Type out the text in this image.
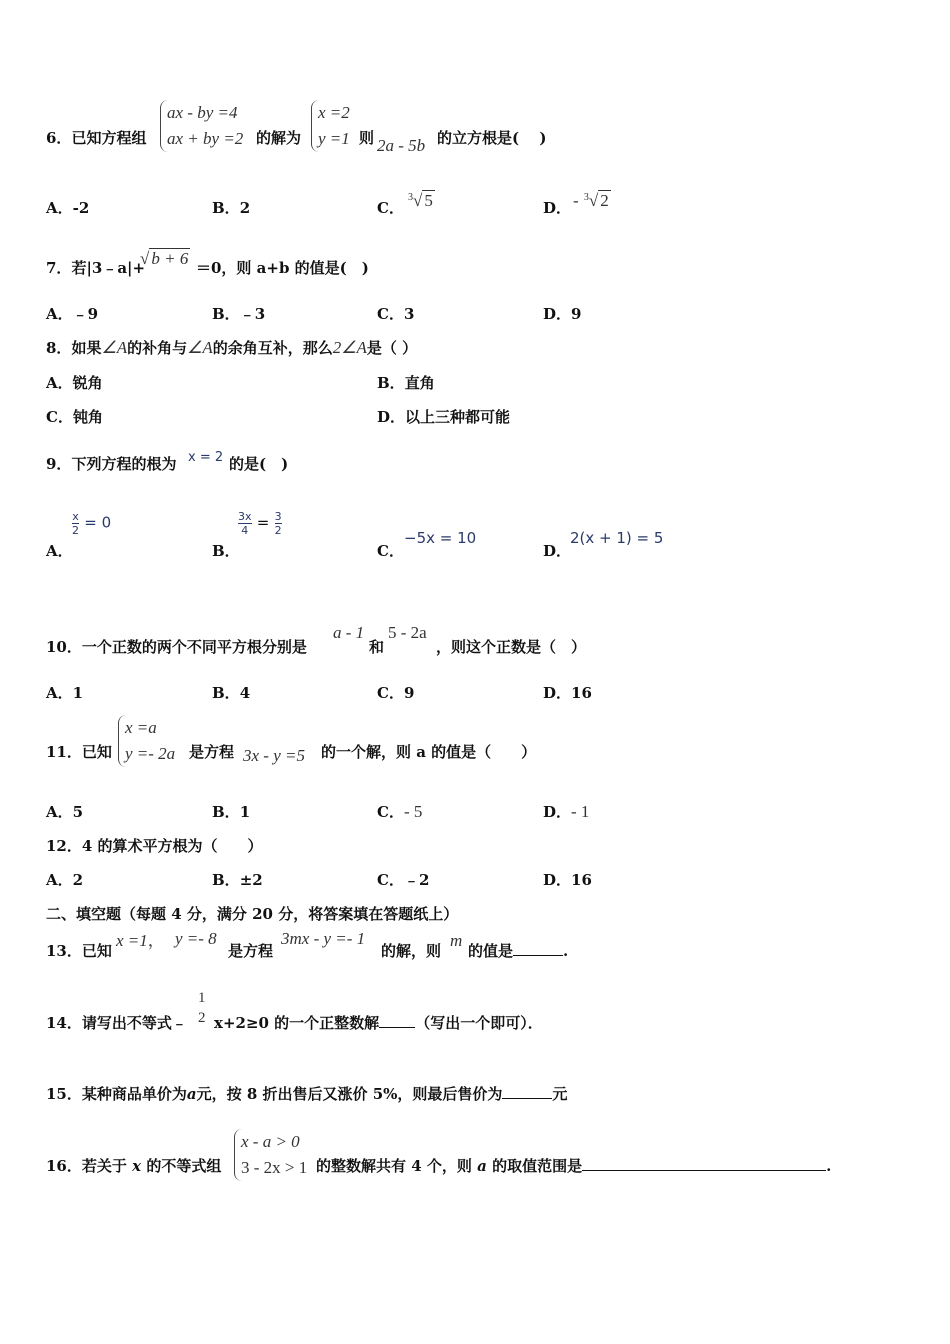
6．已知方程组
ax - by =4
ax + by =2 的解为
x =2
y =1 则 2a - 5b 的立方根是(　 )
A．-2	B．2	C．
$^3$√ 5	D． - $^3$√ 2
7．若|3﹣a|+
√ b + 6 ＝0，则 a+b 的值是(　)
A．﹣9	B．﹣3	C．3	D．9
8．如果∠A的补角与∠A的余角互补，那么2∠A是（ ）
A．锐角	B．直角
C．钝角	D．以上三种都可能
9．下列方程的根为 x = 2 的是(　)
A．
$\frac{x}{2} = 0$
B．
$\frac{3x}{4} = \frac{3}{2}$
C．
−5x = 10
D．
2(x + 1) = 5
10．一个正数的两个不同平方根分别是
a - 1
和
5 - 2a
，则这个正数是（　）
A．1	B．4	C．9	D．16
11．已知
x =a
y =- 2a 是方程 3x - y =5 的一个解，则 a 的值是（　　）
A．5	B．1	C．- 5	D．- 1
12．4 的算术平方根为（　　）
A．2	B．±2	C．﹣2	D．16
二、填空题（每题 4 分，满分 20 分，将答案填在答题纸上）
13．已知
x =1， y =- 8
是方程
3mx - y =- 1
的解，则
m
的值是	.
14．请写出不等式﹣
1
2 x+2≥0 的一个正整数解 （写出一个即可）．
15．某种商品单价为a元，按 8 折出售后又涨价 5%，则最后售价为	元
16．若关于 x 的不等式组
x - a > 0
3 - 2x > 1 的整数解共有 4 个，则 a 的取值范围是	.
